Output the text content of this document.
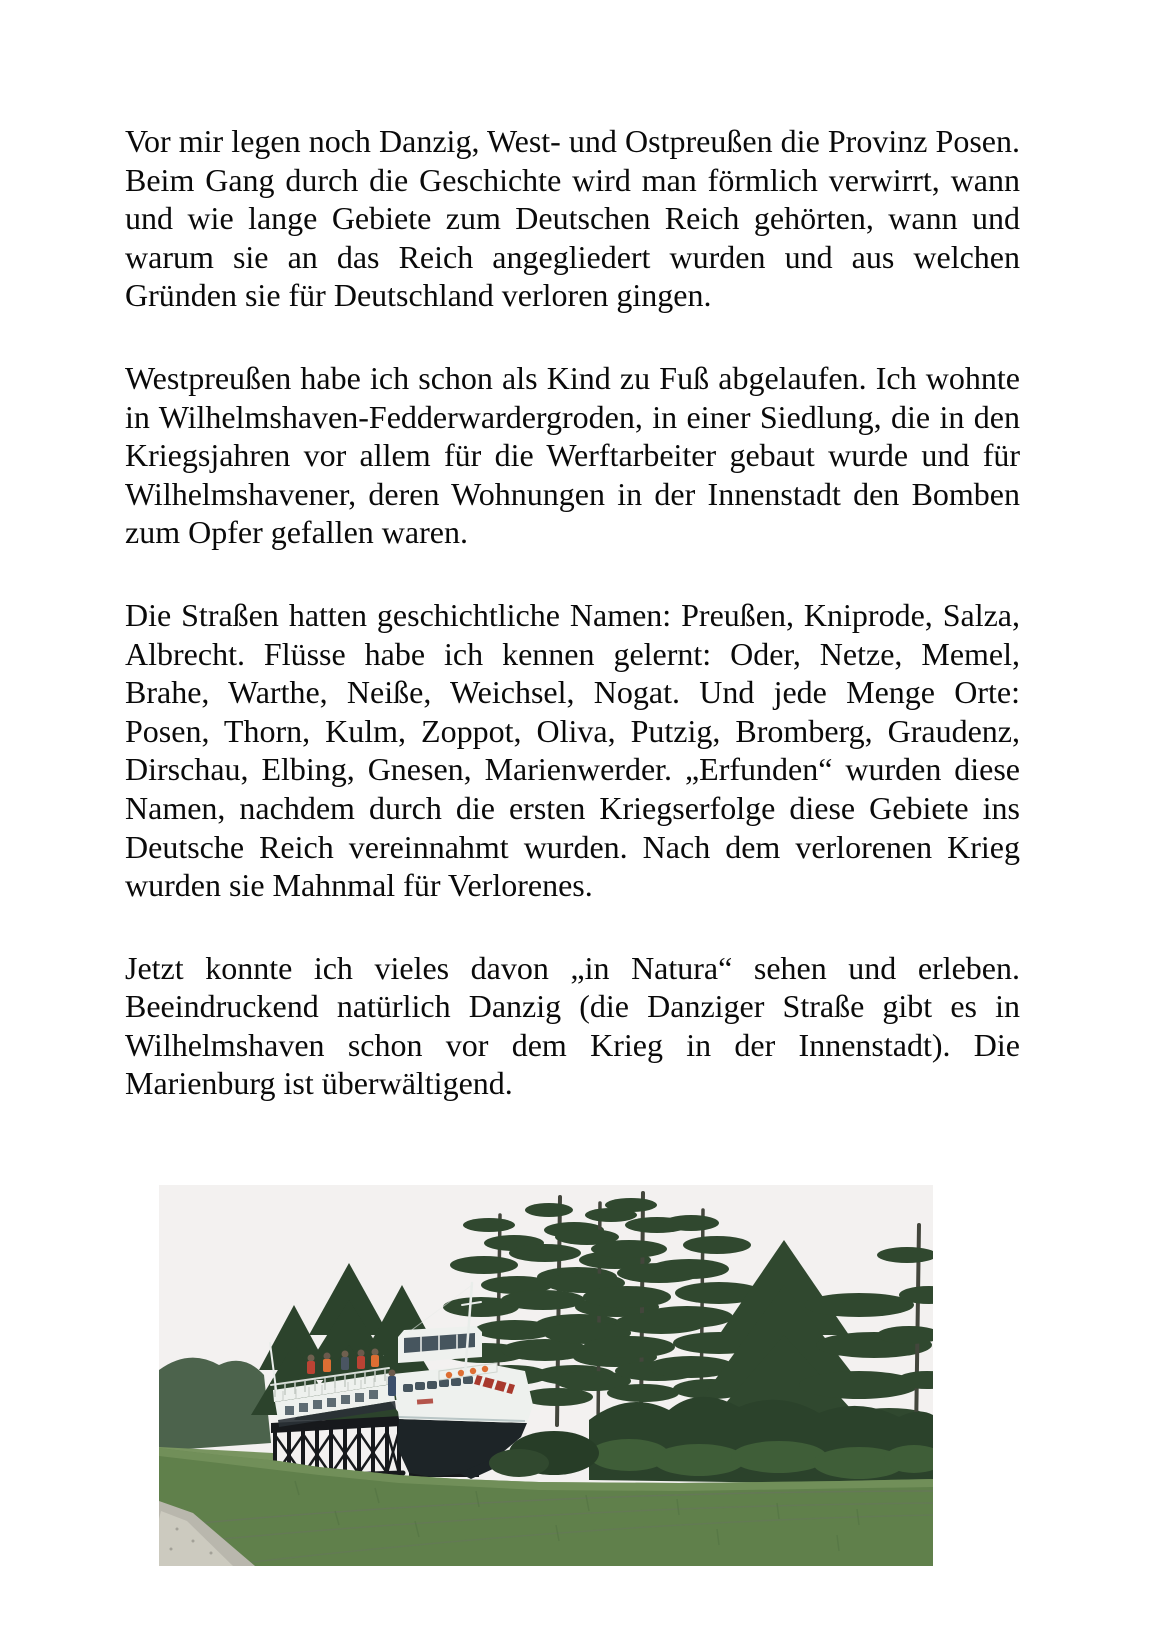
Vor mir legen noch Danzig, West- und Ostpreußen die Provinz Posen. Beim Gang durch die Geschichte wird man förmlich verwirrt, wann und wie lange Gebiete zum Deutschen Reich gehörten, wann und warum sie an das Reich angegliedert wurden und aus welchen Gründen sie für Deutschland verloren gingen.

Westpreußen habe ich schon als Kind zu Fuß abgelaufen. Ich wohnte in Wilhelmshaven-Fedderwardergroden, in einer Siedlung, die in den Kriegsjahren vor allem für die Werftarbeiter gebaut wurde und für Wilhelmshavener, deren Wohnungen in der Innenstadt den Bomben zum Opfer gefallen waren.

Die Straßen hatten geschichtliche Namen: Preußen, Kniprode, Salza, Albrecht. Flüsse habe ich kennen gelernt: Oder, Netze, Memel, Brahe, Warthe, Neiße, Weichsel, Nogat. Und jede Menge Orte: Posen, Thorn, Kulm, Zoppot, Oliva, Putzig, Bromberg, Graudenz, Dirschau, Elbing, Gnesen, Marienwerder. „Erfunden“ wurden diese Namen, nachdem durch die ersten Kriegserfolge diese Gebiete ins Deutsche Reich vereinnahmt wurden. Nach dem verlorenen Krieg wurden sie Mahnmal für Verlorenes.

Jetzt konnte ich vieles davon „in Natura“ sehen und erleben. Beeindruckend natürlich Danzig (die Danziger Straße gibt es in Wilhelmshaven schon vor dem Krieg in der Innenstadt). Die Marienburg ist überwältigend.
